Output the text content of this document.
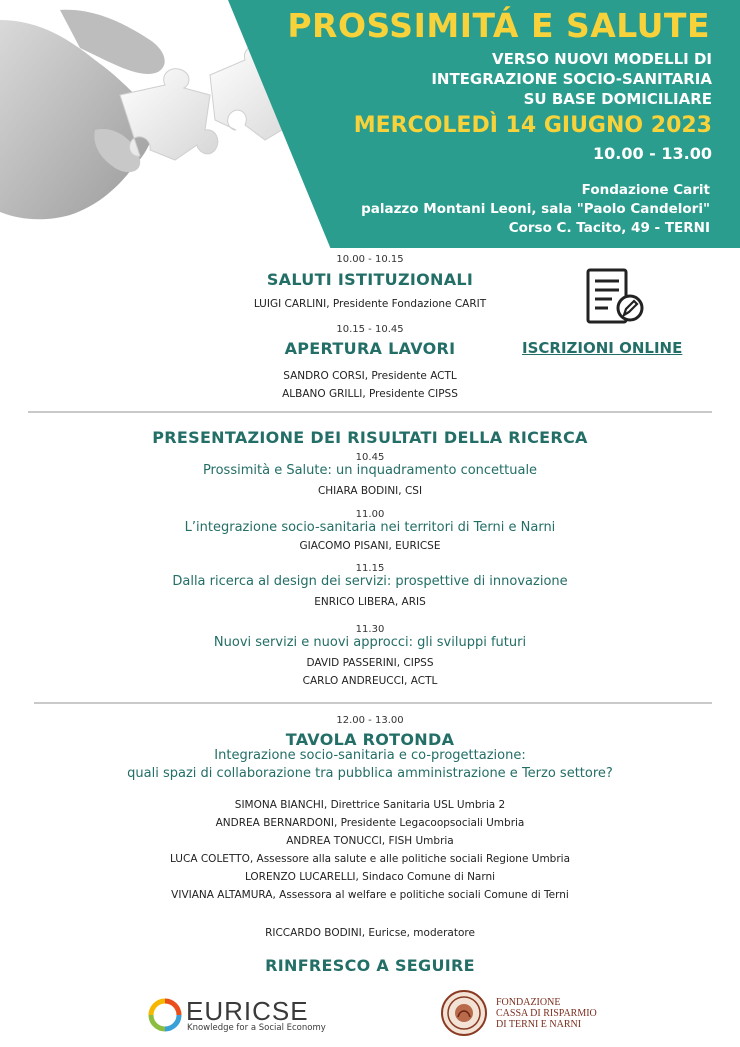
PROSSIMITÁ E SALUTE
VERSO NUOVI MODELLI DI
INTEGRAZIONE SOCIO-SANITARIA
SU BASE DOMICILIARE
MERCOLEDÌ 14 GIUGNO 2023
10.00 - 13.00
Fondazione Carit
palazzo Montani Leoni, sala "Paolo Candelori"
Corso C. Tacito, 49 - TERNI
10.00 - 10.15
SALUTI ISTITUZIONALI
LUIGI CARLINI, Presidente Fondazione CARIT
10.15 - 10.45
APERTURA LAVORI
SANDRO CORSI, Presidente ACTL
ALBANO GRILLI, Presidente CIPSS
ISCRIZIONI ONLINE
PRESENTAZIONE DEI RISULTATI DELLA RICERCA
10.45
Prossimità e Salute: un inquadramento concettuale
CHIARA BODINI, CSI
11.00
L’integrazione socio-sanitaria nei territori di Terni e Narni
GIACOMO PISANI, EURICSE
11.15
Dalla ricerca al design dei servizi: prospettive di innovazione
ENRICO LIBERA, ARIS
11.30
Nuovi servizi e nuovi approcci: gli sviluppi futuri
DAVID PASSERINI, CIPSS
CARLO ANDREUCCI, ACTL
12.00 - 13.00
TAVOLA ROTONDA
Integrazione socio-sanitaria e co-progettazione:
quali spazi di collaborazione tra pubblica amministrazione e Terzo settore?
SIMONA BIANCHI, Direttrice Sanitaria USL Umbria 2
ANDREA BERNARDONI, Presidente Legacoopsociali Umbria
ANDREA TONUCCI, FISH Umbria
LUCA COLETTO, Assessore alla salute e alle politiche sociali Regione Umbria
LORENZO LUCARELLI, Sindaco Comune di Narni
VIVIANA ALTAMURA, Assessora al welfare e politiche sociali Comune di Terni
RICCARDO BODINI, Euricse, moderatore
RINFRESCO A SEGUIRE
EURICSE
Knowledge for a Social Economy
FONDAZIONE
CASSA DI RISPARMIO
DI TERNI E NARNI
